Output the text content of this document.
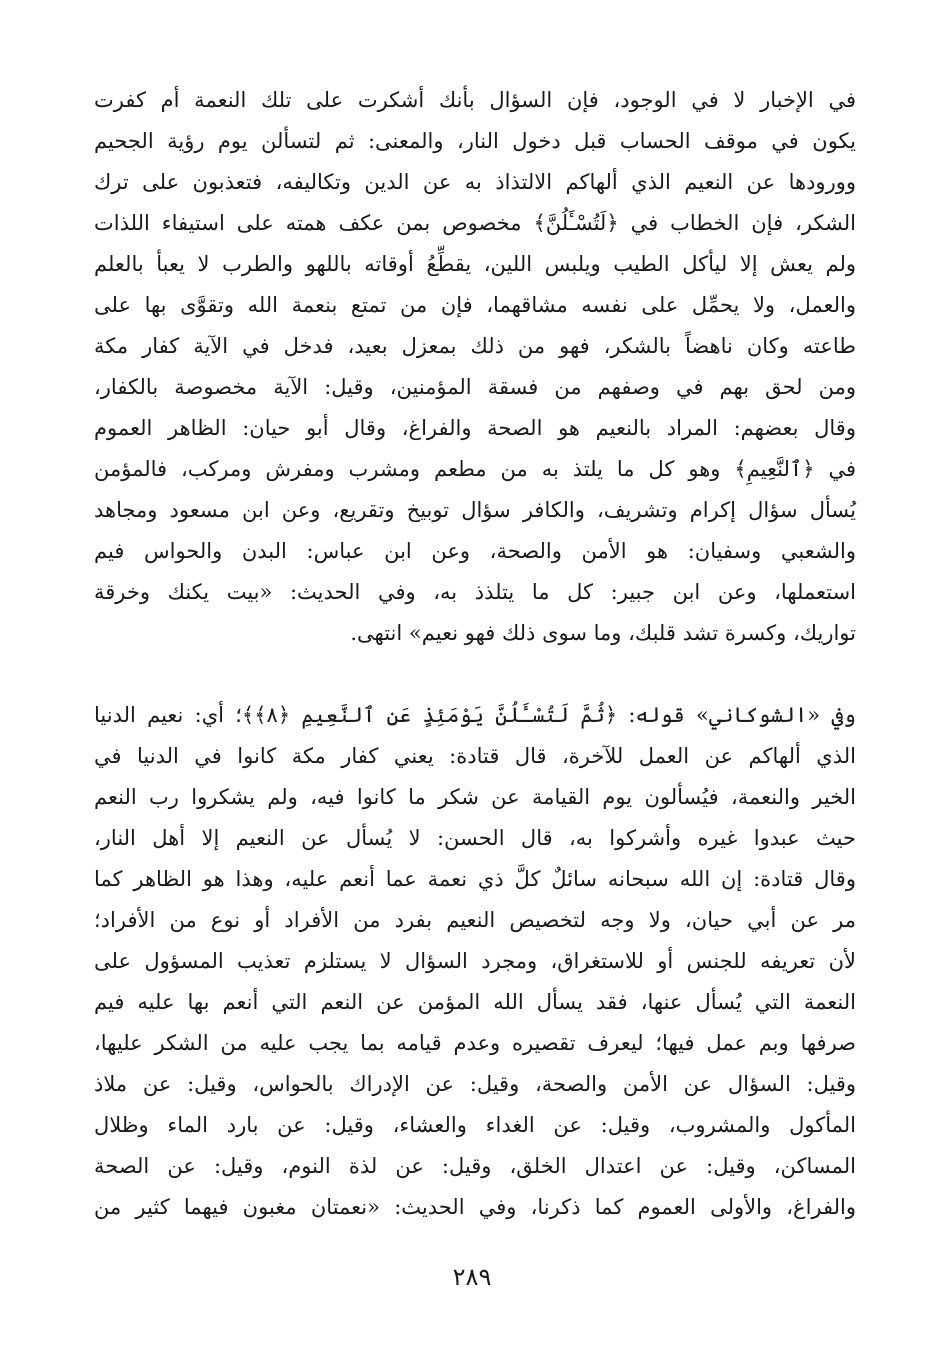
في الإخبار لا في الوجود، فإن السؤال بأنك أشكرت على تلك النعمة أم كفرت
يكون في موقف الحساب قبل دخول النار، والمعنى: ثم لتسألن يوم رؤية الجحيم
وورودها عن النعيم الذي ألهاكم الالتذاذ به عن الدين وتكاليفه، فتعذبون على ترك
الشكر، فإن الخطاب في ﴿لَتُسْـَٔلُنَّ﴾ مخصوص بمن عكف همته على استيفاء اللذات
ولم يعش إلا ليأكل الطيب ويلبس اللين، يقطِّعُ أوقاته باللهو والطرب لا يعبأ بالعلم
والعمل، ولا يحمِّل على نفسه مشاقهما، فإن من تمتع بنعمة الله وتقوَّى بها على
طاعته وكان ناهضاً بالشكر، فهو من ذلك بمعزل بعيد، فدخل في الآية كفار مكة
ومن لحق بهم في وصفهم من فسقة المؤمنين، وقيل: الآية مخصوصة بالكفار،
وقال بعضهم: المراد بالنعيم هو الصحة والفراغ، وقال أبو حيان: الظاهر العموم
في ﴿ٱلنَّعِيمِ﴾ وهو كل ما يلتذ به من مطعم ومشرب ومفرش ومركب، فالمؤمن
يُسأل سؤال إكرام وتشريف، والكافر سؤال توبيخ وتقريع، وعن ابن مسعود ومجاهد
والشعبي وسفيان: هو الأمن والصحة، وعن ابن عباس: البدن والحواس فيم
استعملها، وعن ابن جبير: كل ما يتلذذ به، وفي الحديث: «بيت يكنك وخرقة
تواريك، وكسرة تشد قلبك، وما سوى ذلك فهو نعيم» انتهى.
وفي «الشوكاني» قوله: ﴿ثُمَّ لَتُسْـَٔلُنَّ يَوْمَئِذٍ عَنِ ٱلنَّعِيمِ ﴿٨﴾﴾؛ أي: نعيم الدنيا
الذي ألهاكم عن العمل للآخرة، قال قتادة: يعني كفار مكة كانوا في الدنيا في
الخير والنعمة، فيُسألون يوم القيامة عن شكر ما كانوا فيه، ولم يشكروا رب النعم
حيث عبدوا غيره وأشركوا به، قال الحسن: لا يُسأل عن النعيم إلا أهل النار،
وقال قتادة: إن الله سبحانه سائلٌ كلَّ ذي نعمة عما أنعم عليه، وهذا هو الظاهر كما
مر عن أبي حيان، ولا وجه لتخصيص النعيم بفرد من الأفراد أو نوع من الأفراد؛
لأن تعريفه للجنس أو للاستغراق، ومجرد السؤال لا يستلزم تعذيب المسؤول على
النعمة التي يُسأل عنها، فقد يسأل الله المؤمن عن النعم التي أنعم بها عليه فيم
صرفها وبم عمل فيها؛ ليعرف تقصيره وعدم قيامه بما يجب عليه من الشكر عليها،
وقيل: السؤال عن الأمن والصحة، وقيل: عن الإدراك بالحواس، وقيل: عن ملاذ
المأكول والمشروب، وقيل: عن الغداء والعشاء، وقيل: عن بارد الماء وظلال
المساكن، وقيل: عن اعتدال الخلق، وقيل: عن لذة النوم، وقيل: عن الصحة
والفراغ، والأولى العموم كما ذكرنا، وفي الحديث: «نعمتان مغبون فيهما كثير من
٢٨٩
